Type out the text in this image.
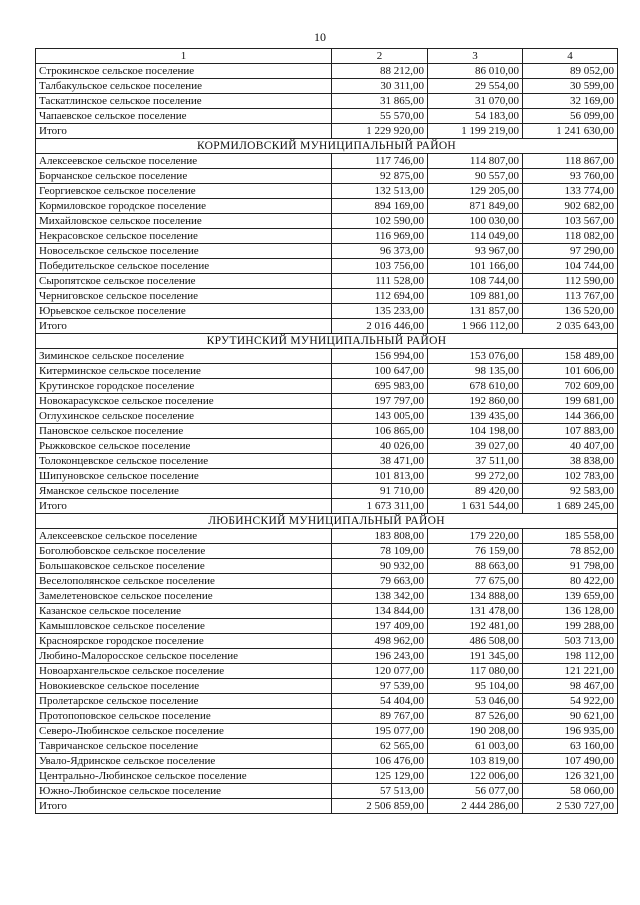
10
1	2	3	4
Строкинское сельское поселение	88 212,00	86 010,00	89 052,00
Талбакульское сельское поселение	30 311,00	29 554,00	30 599,00
Таскатлинское сельское поселение	31 865,00	31 070,00	32 169,00
Чапаевское сельское поселение	55 570,00	54 183,00	56 099,00
Итого	1 229 920,00	1 199 219,00	1 241 630,00
КОРМИЛОВСКИЙ МУНИЦИПАЛЬНЫЙ РАЙОН			
Алексеевское сельское поселение	117 746,00	114 807,00	118 867,00
Борчанское сельское поселение	92 875,00	90 557,00	93 760,00
Георгиевское сельское поселение	132 513,00	129 205,00	133 774,00
Кормиловское городское поселение	894 169,00	871 849,00	902 682,00
Михайловское сельское поселение	102 590,00	100 030,00	103 567,00
Некрасовское сельское поселение	116 969,00	114 049,00	118 082,00
Новосельское сельское поселение	96 373,00	93 967,00	97 290,00
Победительское сельское поселение	103 756,00	101 166,00	104 744,00
Сыропятское сельское поселение	111 528,00	108 744,00	112 590,00
Черниговское сельское поселение	112 694,00	109 881,00	113 767,00
Юрьевское сельское поселение	135 233,00	131 857,00	136 520,00
Итого	2 016 446,00	1 966 112,00	2 035 643,00
КРУТИНСКИЙ МУНИЦИПАЛЬНЫЙ РАЙОН			
Зиминское сельское поселение	156 994,00	153 076,00	158 489,00
Китерминское сельское поселение	100 647,00	98 135,00	101 606,00
Крутинское городское поселение	695 983,00	678 610,00	702 609,00
Новокарасукское сельское поселение	197 797,00	192 860,00	199 681,00
Оглухинское сельское поселение	143 005,00	139 435,00	144 366,00
Пановское сельское поселение	106 865,00	104 198,00	107 883,00
Рыжковское сельское поселение	40 026,00	39 027,00	40 407,00
Толоконцевское сельское поселение	38 471,00	37 511,00	38 838,00
Шипуновское сельское поселение	101 813,00	99 272,00	102 783,00
Яманское сельское поселение	91 710,00	89 420,00	92 583,00
Итого	1 673 311,00	1 631 544,00	1 689 245,00
ЛЮБИНСКИЙ МУНИЦИПАЛЬНЫЙ РАЙОН			
Алексеевское сельское поселение	183 808,00	179 220,00	185 558,00
Боголюбовское сельское поселение	78 109,00	76 159,00	78 852,00
Большаковское сельское поселение	90 932,00	88 663,00	91 798,00
Веселополянское сельское поселение	79 663,00	77 675,00	80 422,00
Замелетеновское сельское поселение	138 342,00	134 888,00	139 659,00
Казанское сельское поселение	134 844,00	131 478,00	136 128,00
Камышловское сельское поселение	197 409,00	192 481,00	199 288,00
Красноярское городское поселение	498 962,00	486 508,00	503 713,00
Любино-Малоросское сельское поселение	196 243,00	191 345,00	198 112,00
Новоархангельское сельское поселение	120 077,00	117 080,00	121 221,00
Новокиевское сельское поселение	97 539,00	95 104,00	98 467,00
Пролетарское сельское поселение	54 404,00	53 046,00	54 922,00
Протопоповское сельское поселение	89 767,00	87 526,00	90 621,00
Северо-Любинское сельское поселение	195 077,00	190 208,00	196 935,00
Тавричанское сельское поселение	62 565,00	61 003,00	63 160,00
Увало-Ядринское сельское поселение	106 476,00	103 819,00	107 490,00
Центрально-Любинское сельское поселение	125 129,00	122 006,00	126 321,00
Южно-Любинское сельское поселение	57 513,00	56 077,00	58 060,00
Итого	2 506 859,00	2 444 286,00	2 530 727,00
